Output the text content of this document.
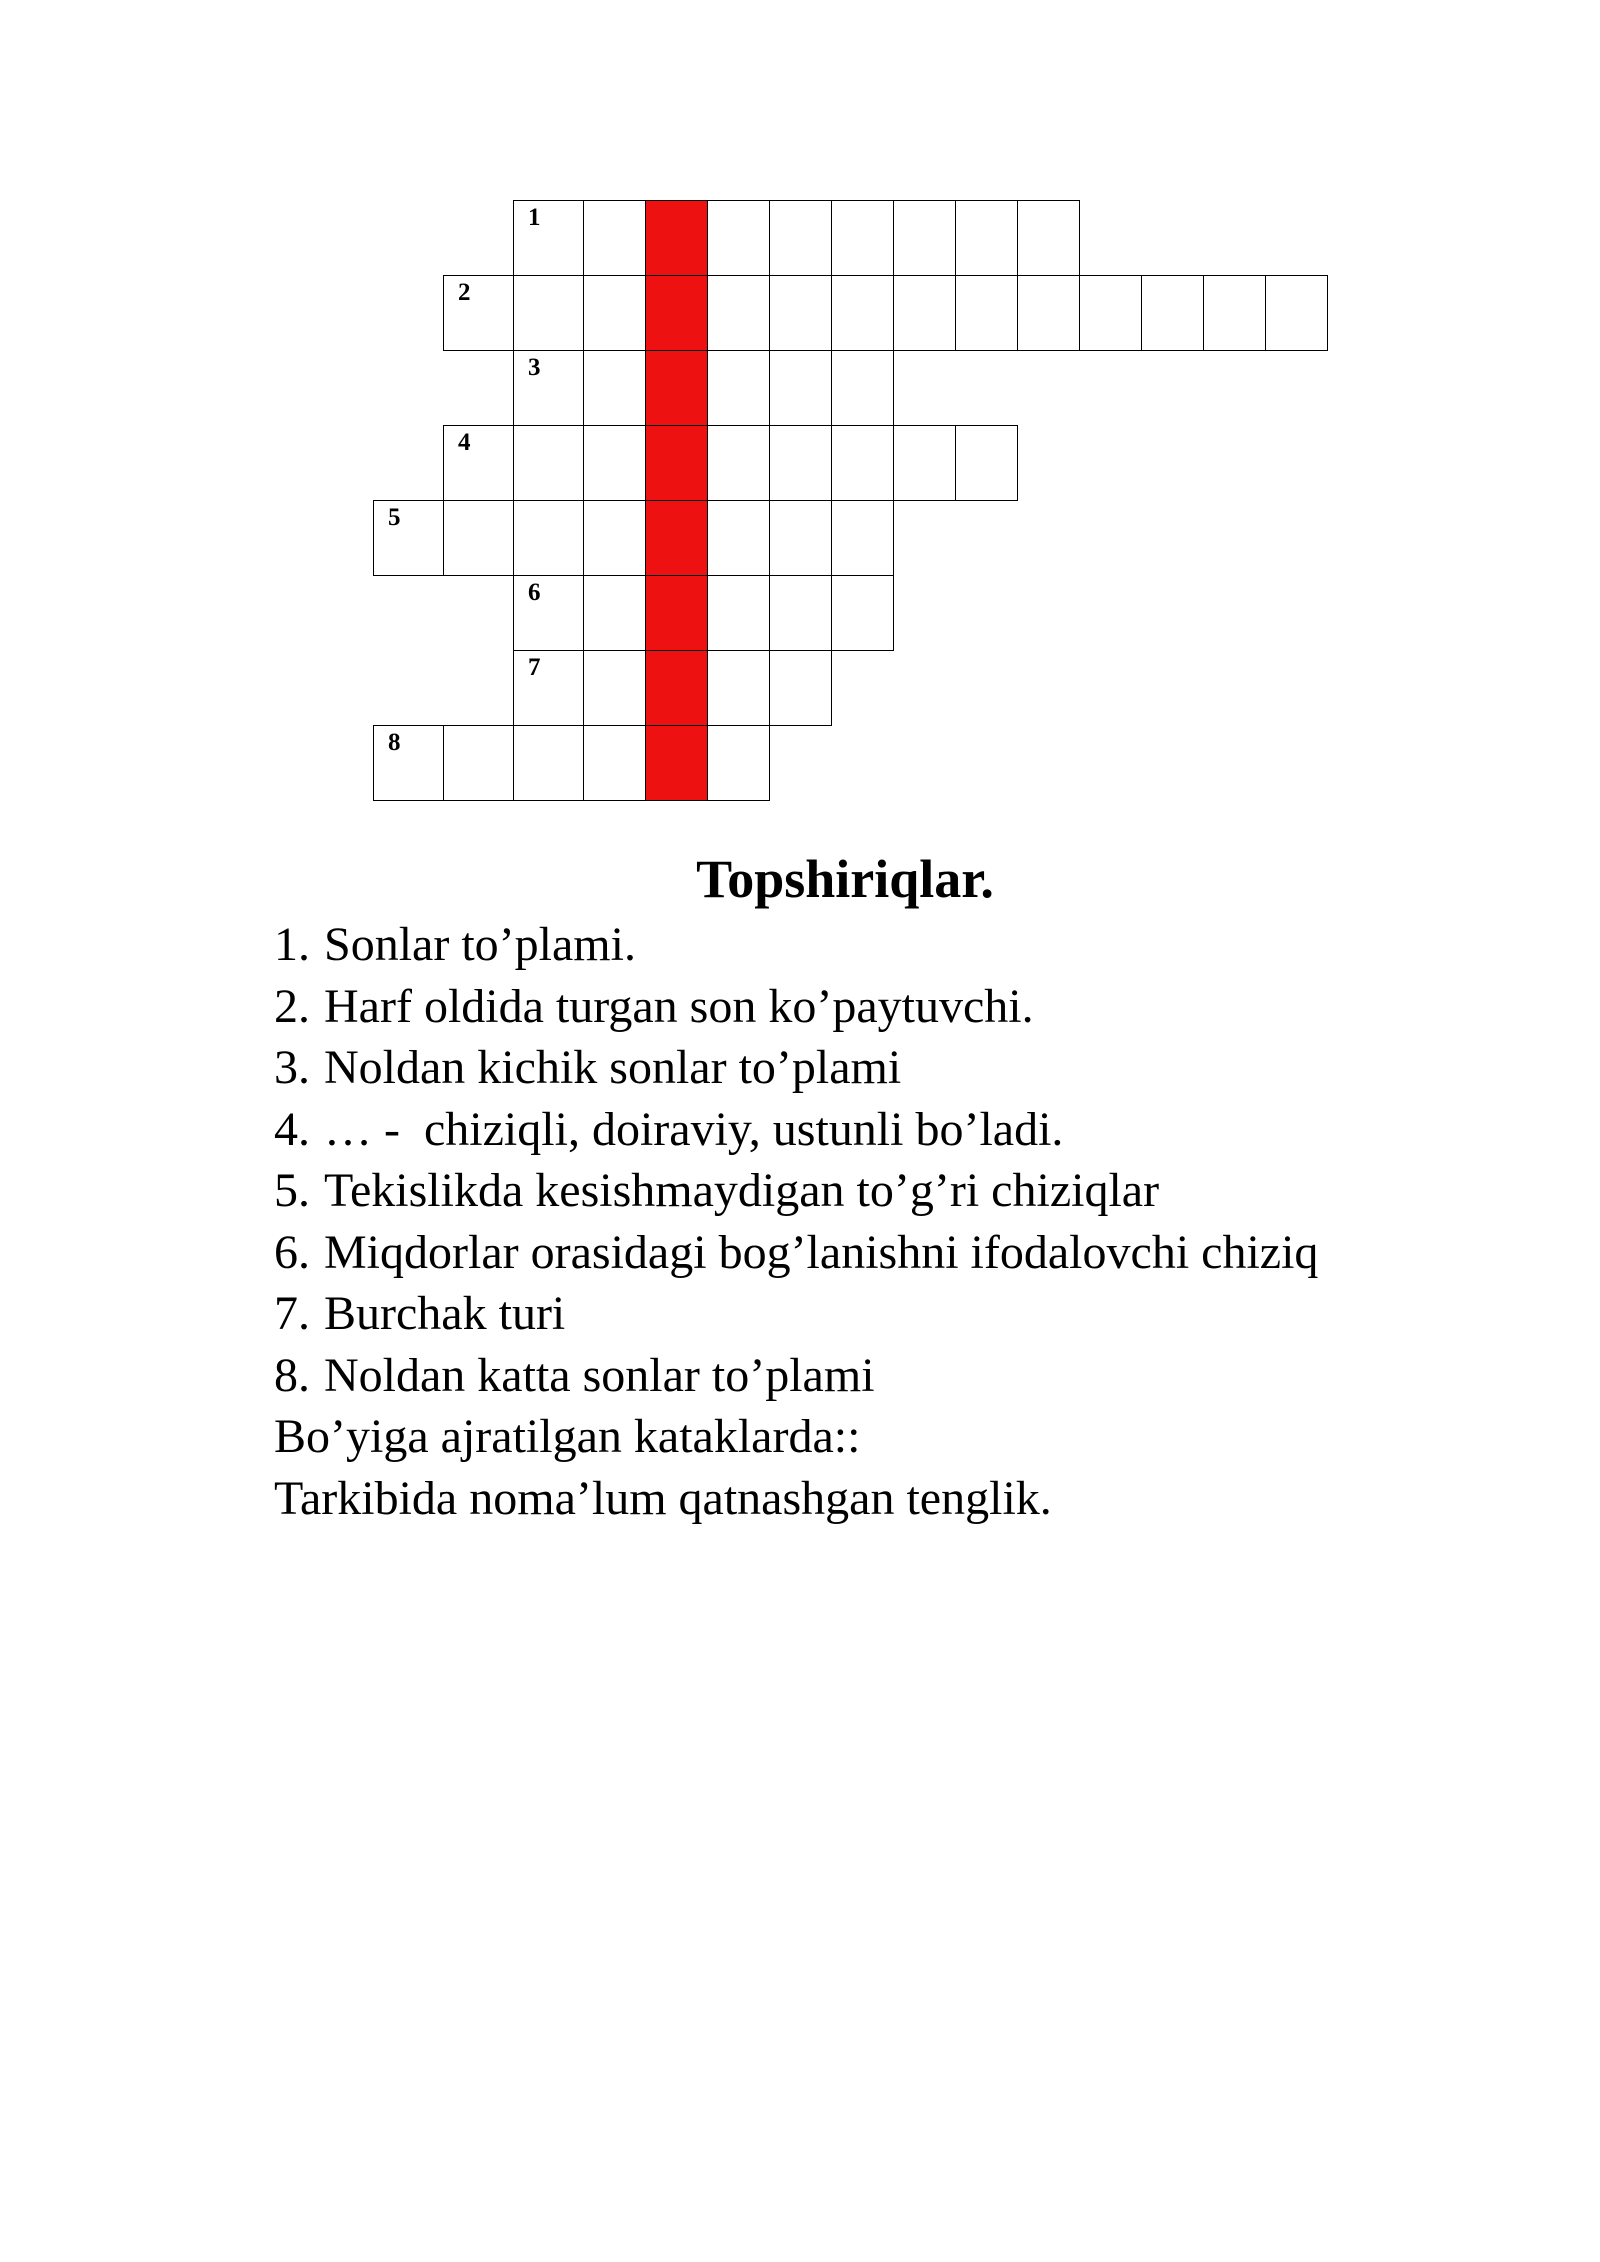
1
2
3
4
5
6
7
8
Topshiriqlar.
1. Sonlar to’plami.
2. Harf oldida turgan son ko’paytuvchi.
3. Noldan kichik sonlar to’plami
4. … -  chiziqli, doiraviy, ustunli bo’ladi.
5. Tekislikda kesishmaydigan to’g’ri chiziqlar
6. Miqdorlar orasidagi bog’lanishni ifodalovchi chiziq
7. Burchak turi
8. Noldan katta sonlar to’plami
Bo’yiga ajratilgan kataklarda::
Tarkibida noma’lum qatnashgan tenglik.
